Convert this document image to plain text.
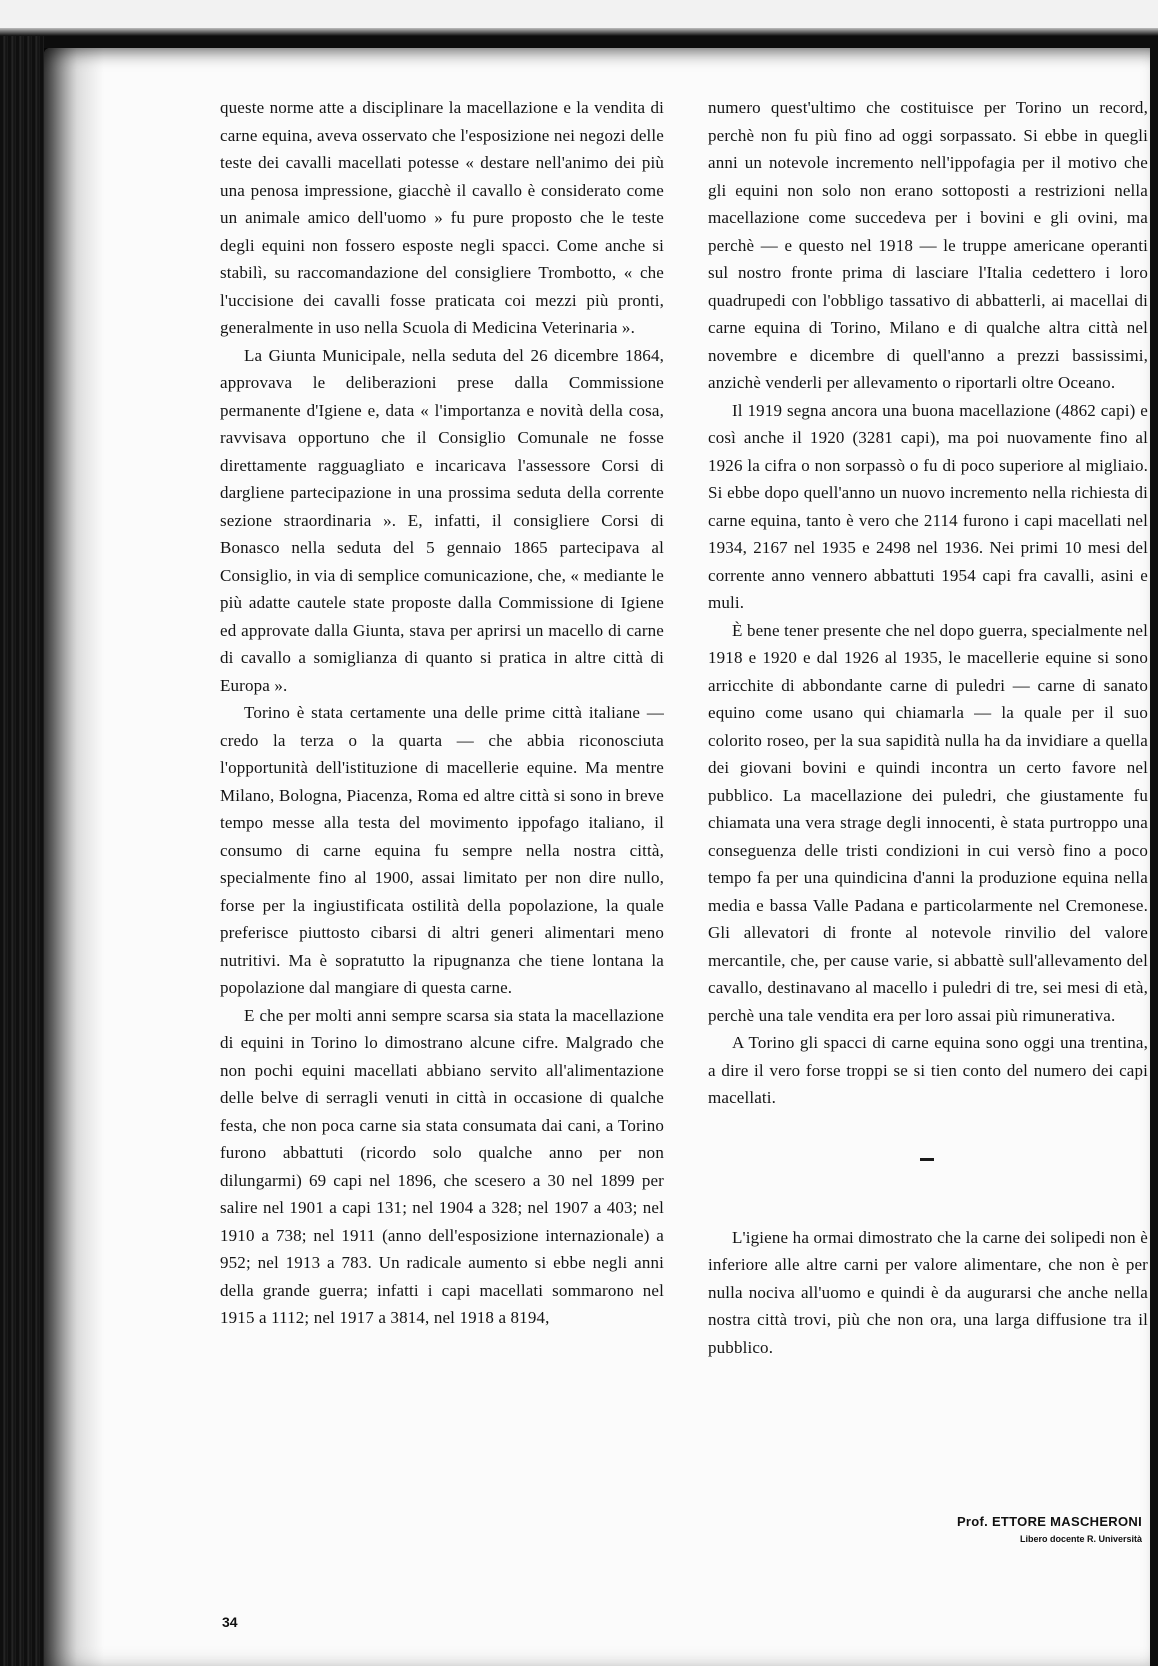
queste norme atte a disciplinare la macellazione e la vendita di carne equina, aveva osservato che l'esposizione nei negozi delle teste dei cavalli macellati potesse « destare nell'animo dei più una penosa impressione, giacchè il cavallo è considerato come un animale amico dell'uomo » fu pure proposto che le teste degli equini non fossero esposte negli spacci. Come anche si stabilì, su raccomandazione del consigliere Trombotto, « che l'uccisione dei cavalli fosse praticata coi mezzi più pronti, generalmente in uso nella Scuola di Medicina Veterinaria ».

La Giunta Municipale, nella seduta del 26 dicembre 1864, approvava le deliberazioni prese dalla Commissione permanente d'Igiene e, data « l'importanza e novità della cosa, ravvisava opportuno che il Consiglio Comunale ne fosse direttamente ragguagliato e incaricava l'assessore Corsi di dargliene partecipazione in una prossima seduta della corrente sezione straordinaria ». E, infatti, il consigliere Corsi di Bonasco nella seduta del 5 gennaio 1865 partecipava al Consiglio, in via di semplice comunicazione, che, « mediante le più adatte cautele state proposte dalla Commissione di Igiene ed approvate dalla Giunta, stava per aprirsi un macello di carne di cavallo a somiglianza di quanto si pratica in altre città di Europa ».

Torino è stata certamente una delle prime città italiane — credo la terza o la quarta — che abbia riconosciuta l'opportunità dell'istituzione di macellerie equine. Ma mentre Milano, Bologna, Piacenza, Roma ed altre città si sono in breve tempo messe alla testa del movimento ippofago italiano, il consumo di carne equina fu sempre nella nostra città, specialmente fino al 1900, assai limitato per non dire nullo, forse per la ingiustificata ostilità della popolazione, la quale preferisce piuttosto cibarsi di altri generi alimentari meno nutritivi. Ma è sopratutto la ripugnanza che tiene lontana la popolazione dal mangiare di questa carne.

E che per molti anni sempre scarsa sia stata la macellazione di equini in Torino lo dimostrano alcune cifre. Malgrado che non pochi equini macellati abbiano servito all'alimentazione delle belve di serragli venuti in città in occasione di qualche festa, che non poca carne sia stata consumata dai cani, a Torino furono abbattuti (ricordo solo qualche anno per non dilungarmi) 69 capi nel 1896, che scesero a 30 nel 1899 per salire nel 1901 a capi 131; nel 1904 a 328; nel 1907 a 403; nel 1910 a 738; nel 1911 (anno dell'esposizione internazionale) a 952; nel 1913 a 783. Un radicale aumento si ebbe negli anni della grande guerra; infatti i capi macellati sommarono nel 1915 a 1112; nel 1917 a 3814, nel 1918 a 8194,

numero quest'ultimo che costituisce per Torino un record, perchè non fu più fino ad oggi sorpassato. Si ebbe in quegli anni un notevole incremento nell'ippofagia per il motivo che gli equini non solo non erano sottoposti a restrizioni nella macellazione come succedeva per i bovini e gli ovini, ma perchè — e questo nel 1918 — le truppe americane operanti sul nostro fronte prima di lasciare l'Italia cedettero i loro quadrupedi con l'obbligo tassativo di abbatterli, ai macellai di carne equina di Torino, Milano e di qualche altra città nel novembre e dicembre di quell'anno a prezzi bassissimi, anzichè venderli per allevamento o riportarli oltre Oceano.

Il 1919 segna ancora una buona macellazione (4862 capi) e così anche il 1920 (3281 capi), ma poi nuovamente fino al 1926 la cifra o non sorpassò o fu di poco superiore al migliaio. Si ebbe dopo quell'anno un nuovo incremento nella richiesta di carne equina, tanto è vero che 2114 furono i capi macellati nel 1934, 2167 nel 1935 e 2498 nel 1936. Nei primi 10 mesi del corrente anno vennero abbattuti 1954 capi fra cavalli, asini e muli.

È bene tener presente che nel dopo guerra, specialmente nel 1918 e 1920 e dal 1926 al 1935, le macellerie equine si sono arricchite di abbondante carne di puledri — carne di sanato equino come usano qui chiamarla — la quale per il suo colorito roseo, per la sua sapidità nulla ha da invidiare a quella dei giovani bovini e quindi incontra un certo favore nel pubblico. La macellazione dei puledri, che giustamente fu chiamata una vera strage degli innocenti, è stata purtroppo una conseguenza delle tristi condizioni in cui versò fino a poco tempo fa per una quindicina d'anni la produzione equina nella media e bassa Valle Padana e particolarmente nel Cremonese. Gli allevatori di fronte al notevole rinvilio del valore mercantile, che, per cause varie, si abbattè sull'allevamento del cavallo, destinavano al macello i puledri di tre, sei mesi di età, perchè una tale vendita era per loro assai più rimunerativa.

A Torino gli spacci di carne equina sono oggi una trentina, a dire il vero forse troppi se si tien conto del numero dei capi macellati.

L'igiene ha ormai dimostrato che la carne dei solipedi non è inferiore alle altre carni per valore alimentare, che non è per nulla nociva all'uomo e quindi è da augurarsi che anche nella nostra città trovi, più che non ora, una larga diffusione tra il pubblico.

Prof. ETTORE MASCHERONI
Libero docente R. Università
34
